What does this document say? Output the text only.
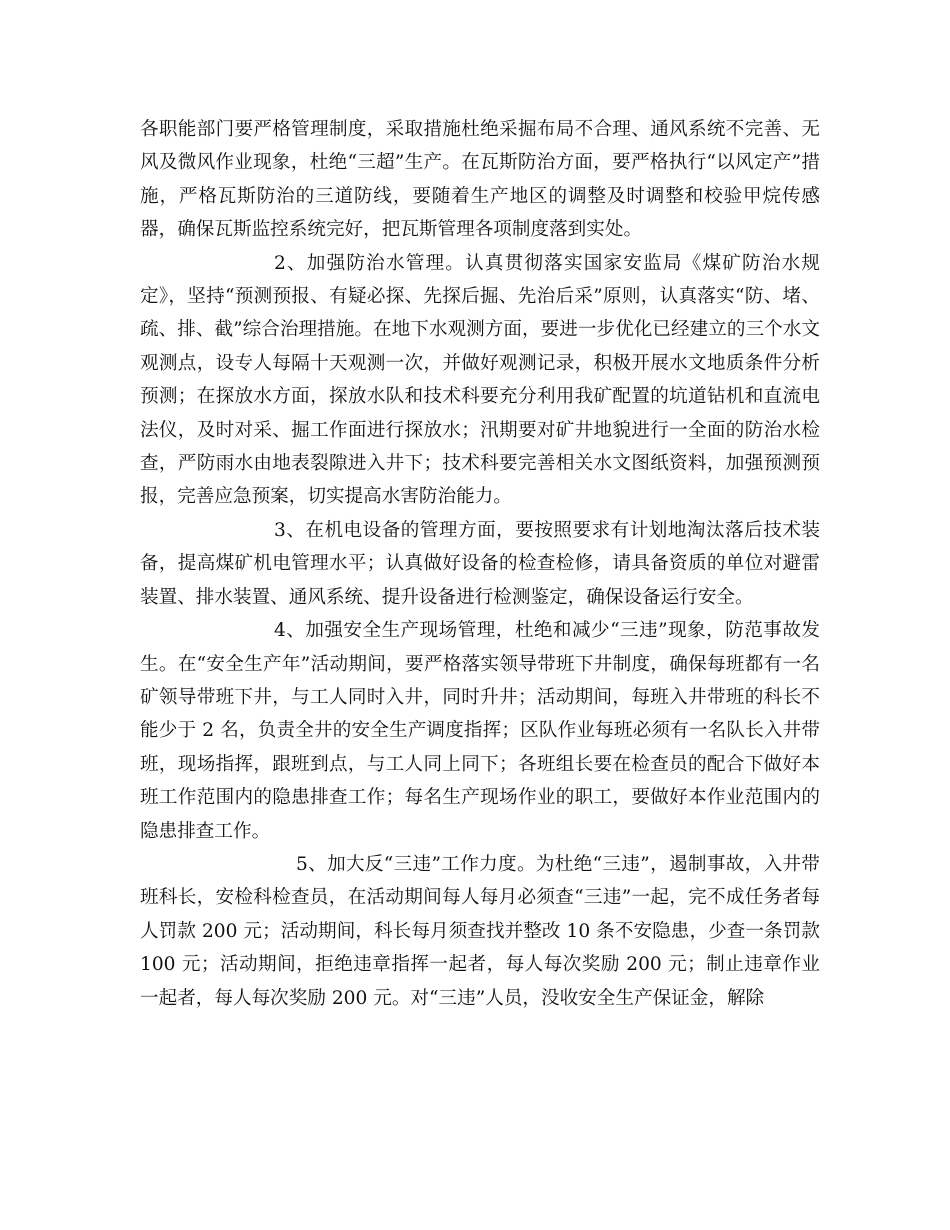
各职能部门要严格管理制度，采取措施杜绝采掘布局不合理、通风系统不完善、无风及微风作业现象，杜绝“三超”生产。在瓦斯防治方面，要严格执行“以风定产”措施，严格瓦斯防治的三道防线，要随着生产地区的调整及时调整和校验甲烷传感器，确保瓦斯监控系统完好，把瓦斯管理各项制度落到实处。

2、加强防治水管理。认真贯彻落实国家安监局《煤矿防治水规定》，坚持“预测预报、有疑必探、先探后掘、先治后采”原则，认真落实“防、堵、疏、排、截”综合治理措施。在地下水观测方面，要进一步优化已经建立的三个水文观测点，设专人每隔十天观测一次，并做好观测记录，积极开展水文地质条件分析预测；在探放水方面，探放水队和技术科要充分利用我矿配置的坑道钻机和直流电法仪，及时对采、掘工作面进行探放水；汛期要对矿井地貌进行一全面的防治水检查，严防雨水由地表裂隙进入井下；技术科要完善相关水文图纸资料，加强预测预报，完善应急预案，切实提高水害防治能力。

3、在机电设备的管理方面，要按照要求有计划地淘汰落后技术装备，提高煤矿机电管理水平；认真做好设备的检查检修，请具备资质的单位对避雷装置、排水装置、通风系统、提升设备进行检测鉴定，确保设备运行安全。

4、加强安全生产现场管理，杜绝和减少“三违”现象，防范事故发生。在“安全生产年”活动期间，要严格落实领导带班下井制度，确保每班都有一名矿领导带班下井，与工人同时入井，同时升井；活动期间，每班入井带班的科长不能少于 2 名，负责全井的安全生产调度指挥；区队作业每班必须有一名队长入井带班，现场指挥，跟班到点，与工人同上同下；各班组长要在检查员的配合下做好本班工作范围内的隐患排查工作；每名生产现场作业的职工，要做好本作业范围内的隐患排查工作。

5、加大反“三违”工作力度。为杜绝“三违”，遏制事故，入井带班科长，安检科检查员，在活动期间每人每月必须查“三违”一起，完不成任务者每人罚款 200 元；活动期间，科长每月须查找并整改 10 条不安隐患，少查一条罚款 100 元；活动期间，拒绝违章指挥一起者，每人每次奖励 200 元；制止违章作业一起者，每人每次奖励 200 元。对“三违”人员，没收安全生产保证金，解除
